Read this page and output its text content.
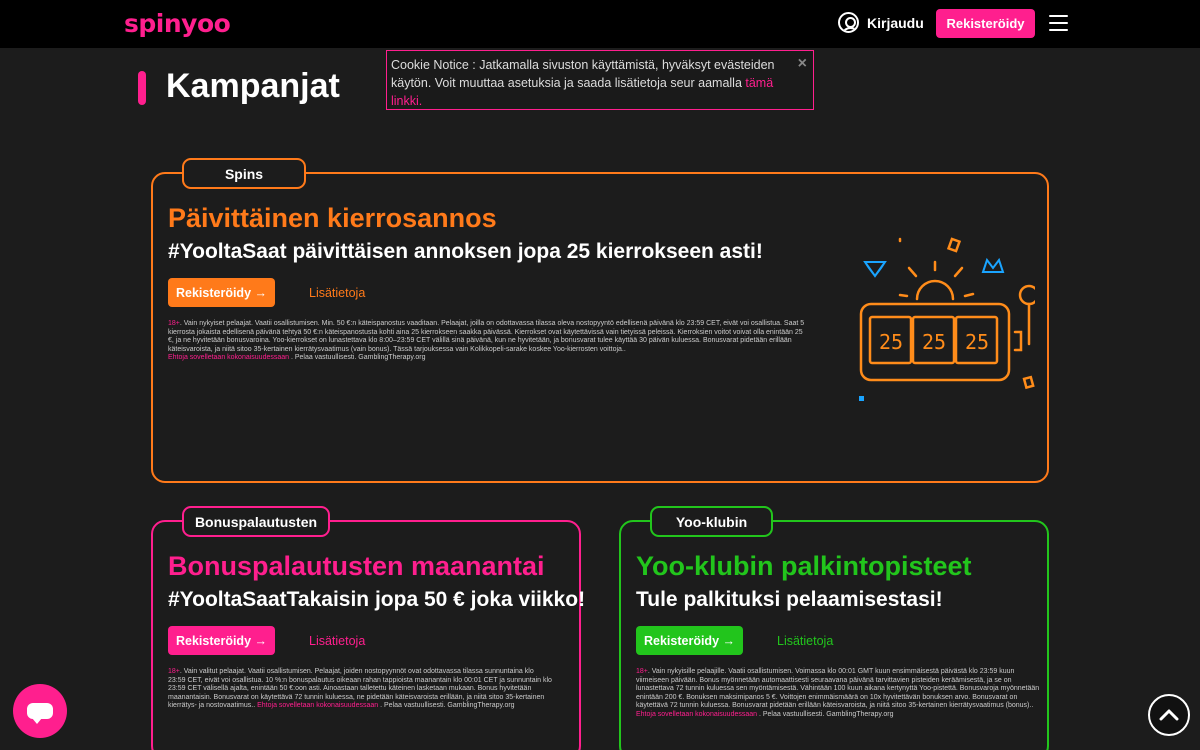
spinyoo	Kirjaudu	Rekisteröidy
Kampanjat
Spins
Päivittäinen kierrosannos
#YooltaSaat päivittäisen annoksen jopa 25 kierrokseen asti!
Rekisteröidy →	Lisätietoja
18+. Vain nykyiset pelaajat. Vaatii osallistumisen. Min. 50 €:n käteispanostus vaaditaan. Pelaajat, joilla on odottavassa tilassa oleva nostopyyntö edellisenä päivänä klo 23:59 CET, eivät voi osallistua. Saat 5 kierrosta jokaista edellisenä päivänä tehtyä 50 €:n käteispanostusta kohti aina 25 kierrokseen saakka päivässä. Kierrokset ovat käytettävissä vain tietyissä peleissä. Kierroksien voitot voivat olla enintään 25 €, ja ne hyvitetään bonusvaroina. Yoo-kierrokset on lunastettava klo 8:00–23:59 CET välillä sinä päivänä, kun ne hyvitetään, ja bonusvarat tulee käyttää 30 päivän kuluessa. Bonusvarat pidetään erillään käteisvaroista, ja niitä sitoo 35-kertainen kierrätysvaatimus (vain bonus). Tässä tarjouksessa vain Kolikkopeli-sarake koskee Yoo-kierrosten voittoja..
Ehtoja sovelletaan kokonaisuudessaan . Pelaa vastuullisesti. GamblingTherapy.org
25 25 25
Bonuspalautusten
Bonuspalautusten maanantai
#YooltaSaatTakaisin jopa 50 € joka viikko!
Rekisteröidy →	Lisätietoja
18+. Vain valitut pelaajat. Vaatii osallistumisen. Pelaajat, joiden nostopyynnöt ovat odottavassa tilassa sunnuntaina klo 23:59 CET, eivät voi osallistua. 10 %:n bonuspalautus oikeaan rahan tappioista maanantain klo 00:01 CET ja sunnuntain klo 23:59 CET välisellä ajalta, enintään 50 €:oon asti. Ainoastaan talletettu käteinen lasketaan mukaan. Bonus hyvitetään maanantaisin. Bonusvarat on käytettävä 72 tunnin kuluessa, ne pidetään käteisvaroista erillään, ja niitä sitoo 35-kertainen kierrätys- ja nostovaatimus.. Ehtoja sovelletaan kokonaisuudessaan . Pelaa vastuullisesti. GamblingTherapy.org
Yoo-klubin
Yoo-klubin palkintopisteet
Tule palkituksi pelaamisestasi!
Rekisteröidy →	Lisätietoja
18+. Vain nykyisille pelaajille. Vaatii osallistumisen. Voimassa klo 00:01 GMT kuun ensimmäisestä päivästä klo 23:59 kuun viimeiseen päivään. Bonus myönnetään automaattisesti seuraavana päivänä tarvittavien pisteiden keräämisestä, ja se on lunastettava 72 tunnin kuluessa sen myöntämisestä. Vähintään 100 kuun aikana kertynyttä Yoo-pistettä. Bonusvaroja myönnetään enintään 200 €. Bonuksen maksimipanos 5 €. Voittojen enimmäismäärä on 10x hyvitettävän bonuksen arvo. Bonusvarat on käytettävä 72 tunnin kuluessa. Bonusvarat pidetään erillään käteisvaroista, ja niitä sitoo 35-kertainen kierrätysvaatimus (bonus).. Ehtoja sovelletaan kokonaisuudessaan . Pelaa vastuullisesti. GamblingTherapy.org
Cookie Notice : Jatkamalla sivuston käyttämistä, hyväksyt evästeiden käytön. Voit muuttaa asetuksia ja saada lisätietoja seur aamalla tämä linkki.
×
